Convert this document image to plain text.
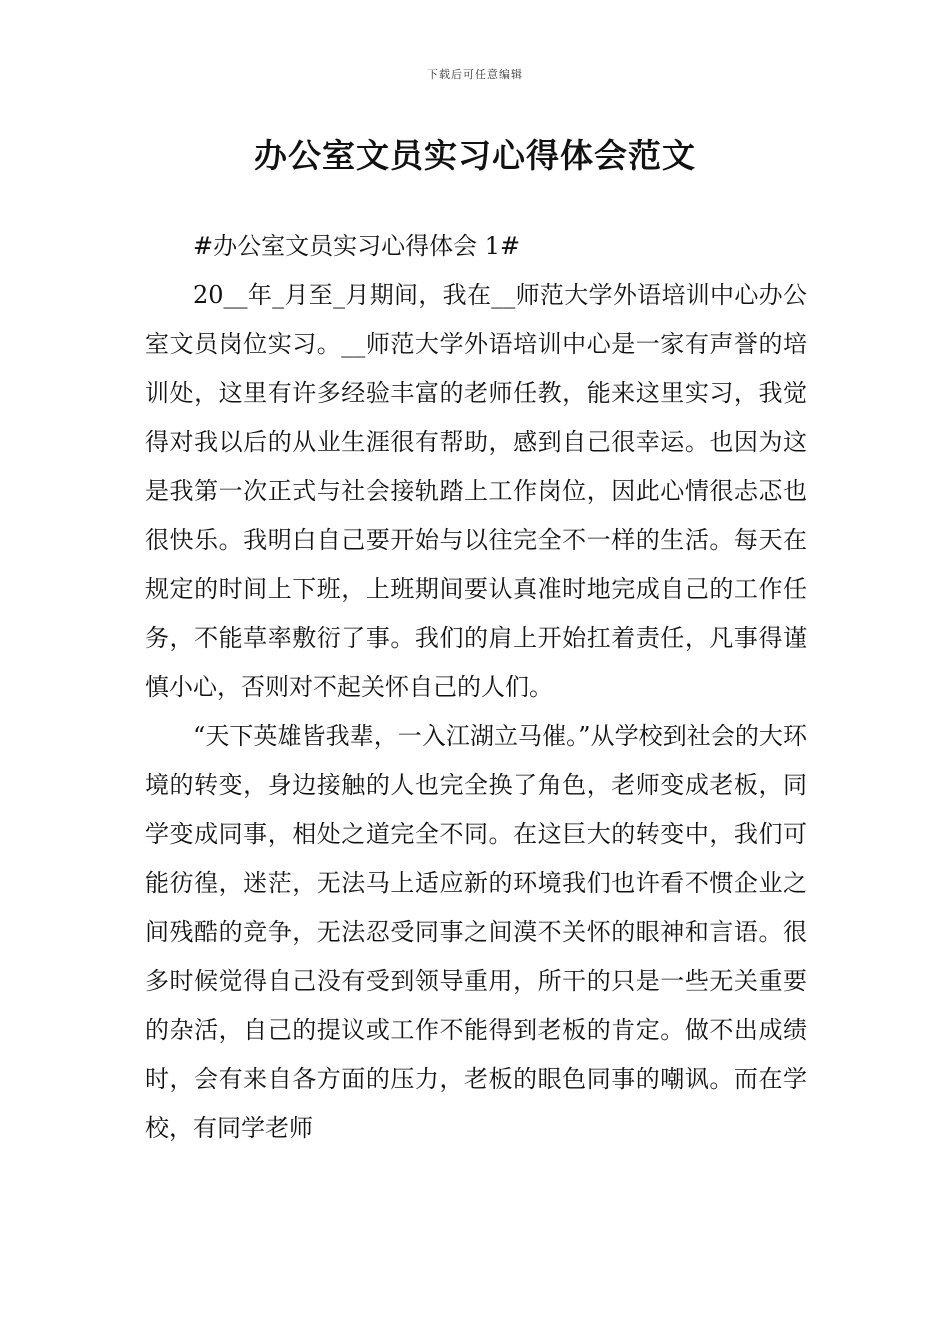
下载后可任意编辑
办公室文员实习心得体会范文

#办公室文员实习心得体会 1#

20__年_月至_月期间，我在__师范大学外语培训中心办公室文员岗位实习。__师范大学外语培训中心是一家有声誉的培训处，这里有许多经验丰富的老师任教，能来这里实习，我觉得对我以后的从业生涯很有帮助，感到自己很幸运。也因为这是我第一次正式与社会接轨踏上工作岗位，因此心情很忐忑也很快乐。我明白自己要开始与以往完全不一样的生活。每天在规定的时间上下班，上班期间要认真准时地完成自己的工作任务，不能草率敷衍了事。我们的肩上开始扛着责任，凡事得谨慎小心，否则对不起关怀自己的人们。

“天下英雄皆我辈，一入江湖立马催。”从学校到社会的大环境的转变，身边接触的人也完全换了角色，老师变成老板，同学变成同事，相处之道完全不同。在这巨大的转变中，我们可能彷徨，迷茫，无法马上适应新的环境我们也许看不惯企业之间残酷的竞争，无法忍受同事之间漠不关怀的眼神和言语。很多时候觉得自己没有受到领导重用，所干的只是一些无关重要的杂活，自己的提议或工作不能得到老板的肯定。做不出成绩时，会有来自各方面的压力，老板的眼色同事的嘲讽。而在学校，有同学老师
